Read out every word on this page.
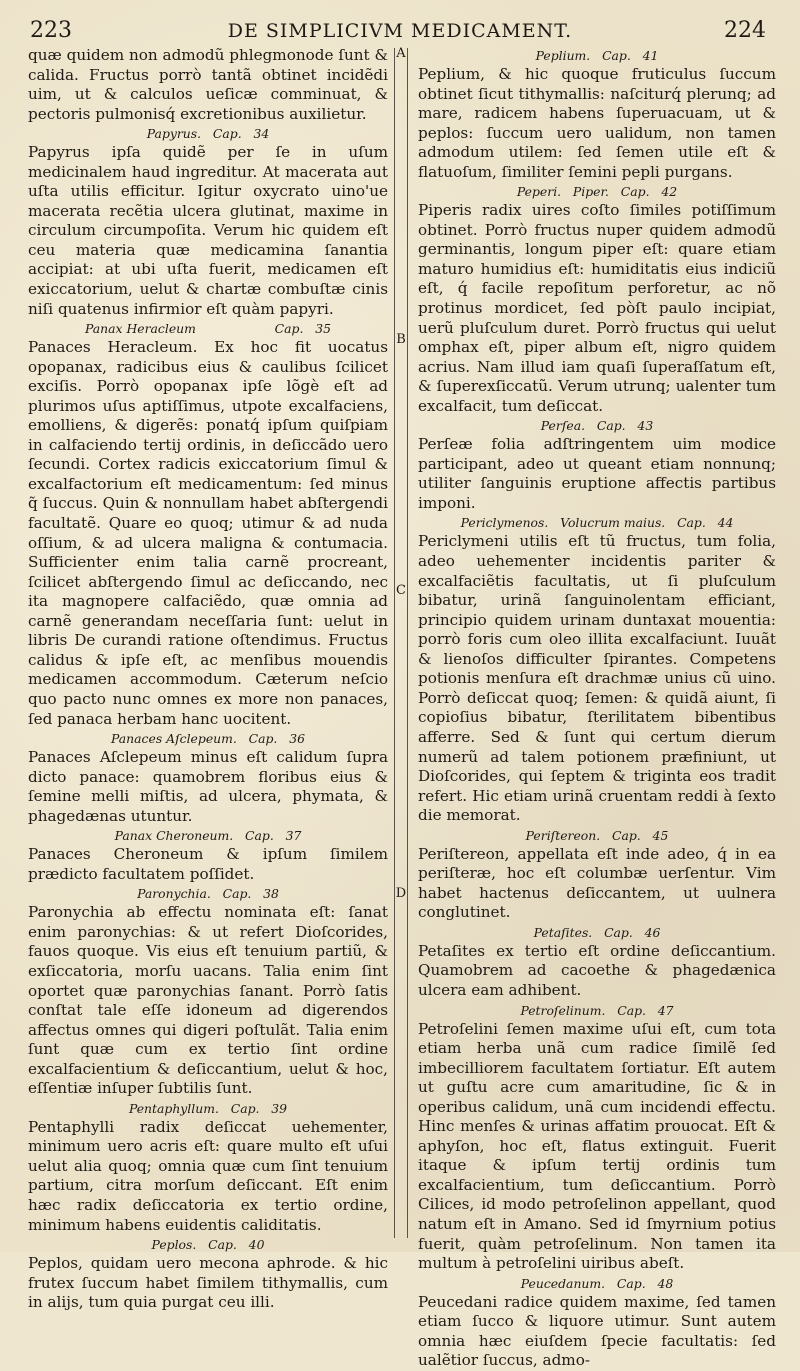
223	DE SIMPLICIVM MEDICAMENT.	224
A
B
C
D
quæ quidem non admodũ phlegmonode ſunt & calida. Fructus porrò tantã obtinet incidẽdi uim, ut & calculos ueſicæ comminuat, & pectoris pulmonisq́ excretionibus auxilietur.
Papyrus.   Cap.   34
Papyrus ipſa quidẽ per ſe in uſum medicinalem haud ingreditur. At macerata aut uſta utilis efficitur. Igitur oxycrato uino'ue macerata recẽtia ulcera glutinat, maxime in circulum circumpoſita. Verum hic quidem eſt ceu materia quæ medicamina ſanantia accipiat: at ubi uſta fuerit, medicamen eſt exiccatorium, uelut & chartæ combuſtæ cinis niſi quatenus infirmior eſt quàm papyri.
Panax Heracleum                    Cap.   35
Panaces Heracleum. Ex hoc fit uocatus opopanax, radicibus eius & caulibus ſcilicet exciſis. Porrò opopanax ipſe lõgè eſt ad plurimos uſus aptiſſimus, utpote excalfaciens, emolliens, & digerẽs: ponatq́ ipſum quiſpiam in calfaciendo tertij ordinis, in deſiccãdo uero ſecundi. Cortex radicis exiccatorium ſimul & excalfactorium eſt medicamentum: ſed minus q̃ ſuccus. Quin & nonnullam habet abſtergendi facultatẽ. Quare eo quoq; utimur & ad nuda oſſium, & ad ulcera maligna & contumacia. Sufficienter enim talia carnẽ procreant, ſcilicet abſtergendo ſimul ac deſiccando, nec ita magnopere calfaciẽdo, quæ omnia ad carnẽ generandam neceſſaria ſunt: uelut in libris De curandi ratione oſtendimus. Fructus calidus & ipſe eſt, ac menſibus mouendis medicamen accommodum. Cæterum neſcio quo pacto nunc omnes ex more non panaces, ſed panaca herbam hanc uocitent.
Panaces Aſclepeum.   Cap.   36
Panaces Aſclepeum minus eſt calidum ſupra dicto panace: quamobrem floribus eius & ſemine melli miſtis, ad ulcera, phymata, & phagedænas utuntur.
Panax Cheroneum.   Cap.   37
Panaces Cheroneum & ipſum ſimilem prædicto facultatem poſſidet.
Paronychia.   Cap.   38
Paronychia ab effectu nominata eſt: ſanat enim paronychias: & ut refert Dioſcorides, fauos quoque. Vis eius eſt tenuium partiũ, & exſiccatoria, morſu uacans. Talia enim ſint oportet quæ paronychias ſanant. Porrò ſatis conſtat tale eſſe idoneum ad digerendos affectus omnes qui digeri poſtulãt. Talia enim ſunt quæ cum ex tertio ſint ordine excalfacientium & deſiccantium, uelut & hoc, eſſentiæ inſuper ſubtilis ſunt.
Pentaphyllum.   Cap.   39
Pentaphylli radix deſiccat uehementer, minimum uero acris eſt: quare multo eſt uſui uelut alia quoq; omnia quæ cum ſint tenuium partium, citra morſum deſiccant. Eſt enim hæc radix deſiccatoria ex tertio ordine, minimum habens euidentis caliditatis.
Peplos.   Cap.   40
Peplos, quidam uero mecona aphrode. & hic frutex ſuccum habet ſimilem tithymallis, cum in alijs, tum quia purgat ceu illi.
Peplium.   Cap.   41
Peplium, & hic quoque fruticulus ſuccum obtinet ſicut tithymallis: naſciturq́ plerunq; ad mare, radicem habens ſuperuacuam, ut & peplos: ſuccum uero ualidum, non tamen admodum utilem: ſed ſemen utile eſt & flatuoſum, ſimiliter ſemini pepli purgans.
Peperi.   Piper.   Cap.   42
Piperis radix uires coſto ſimiles potiſſimum obtinet. Porrò fructus nuper quidem admodũ germinantis, longum piper eſt: quare etiam maturo humidius eſt: humiditatis eius indiciũ eſt, q́ facile repoſitum perforetur, ac nõ protinus mordicet, ſed pòſt paulo incipiat, uerũ pluſculum duret. Porrò fructus qui uelut omphax eſt, piper album eſt, nigro quidem acrius. Nam illud iam quaſi ſuperaſſatum eſt, & ſuperexſiccatũ. Verum utrunq; ualenter tum excalfacit, tum deſiccat.
Perſea.   Cap.   43
Perſeæ folia adſtringentem uim modice participant, adeo ut queant etiam nonnunq; utiliter ſanguinis eruptione affectis partibus imponi.
Periclymenos.   Volucrum maius.   Cap.   44
Periclymeni utilis eſt tũ fructus, tum folia, adeo uehementer incidentis pariter & excalfaciẽtis facultatis, ut ſi pluſculum bibatur, urinã ſanguinolentam efficiant, principio quidem urinam duntaxat mouentia: porrò foris cum oleo illita excalfaciunt. Iuuãt & lienoſos difficulter ſpirantes. Competens potionis menſura eſt drachmæ unius cũ uino. Porrò deſiccat quoq; ſemen: & quidã aiunt, ſi copioſius bibatur, ſterilitatem bibentibus afferre. Sed & ſunt qui certum dierum numerũ ad talem potionem præfiniunt, ut Dioſcorides, qui ſeptem & triginta eos tradit refert. Hic etiam urinã cruentam reddi à ſexto die memorat.
Periſtereon.   Cap.   45
Periſtereon, appellata eſt inde adeo, q́ in ea periſteræ, hoc eſt columbæ uerſentur. Vim habet hactenus deſiccantem, ut uulnera conglutinet.
Petaſites.   Cap.   46
Petaſites ex tertio eſt ordine deſiccantium. Quamobrem ad cacoethe & phagedænica ulcera eam adhibent.
Petroſelinum.   Cap.   47
Petroſelini ſemen maxime uſui eſt, cum tota etiam herba unã cum radice ſimilẽ ſed imbecilliorem facultatem ſortiatur. Eſt autem ut guſtu acre cum amaritudine, ſic & in operibus calidum, unã cum incidendi effectu. Hinc menſes & urinas affatim prouocat. Eſt & aphyſon, hoc eſt, flatus extinguit. Fuerit itaque & ipſum tertij ordinis tum excalfacientium, tum deſiccantium. Porrò Cilices, id modo petroſelinon appellant, quod natum eſt in Amano. Sed id ſmyrnium potius fuerit, quàm petroſelinum. Non tamen ita multum à petroſelini uiribus abeſt.
Peucedanum.   Cap.   48
Peucedani radice quidem maxime, ſed tamen etiam ſucco & liquore utimur. Sunt autem omnia hæc eiuſdem ſpecie facultatis: ſed ualẽtior ſuccus, admo-
